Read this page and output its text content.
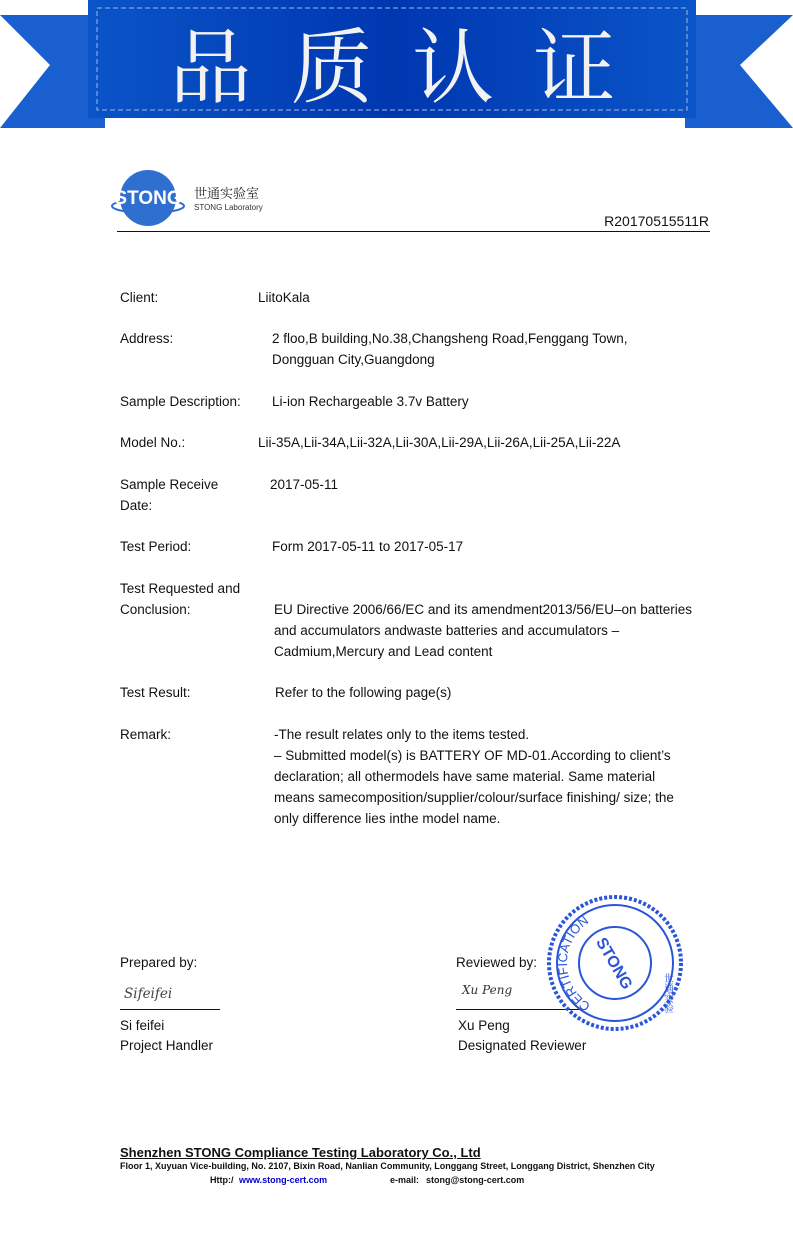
品 质 认 证
STONG 世通实验室
STONG Laboratory
R20170515511R
Client:	LiitoKala
Address:	2 floo,B building,No.38,Changsheng Road,Fenggang Town, Dongguan City,Guangdong
Sample Description:	Li-ion Rechargeable 3.7v Battery
Model No.:	Lii-35A,Lii-34A,Lii-32A,Lii-30A,Lii-29A,Lii-26A,Lii-25A,Lii-22A
Sample Receive Date:
2017-05-11
Test Period:	Form 2017-05-11 to 2017-05-17
Test Requested and Conclusion:	EU Directive 2006/66/EC and its amendment2013/56/EU–on batteries and accumulators andwaste batteries and accumulators – Cadmium,Mercury and Lead content
Test Result:	Refer to the following page(s)
Remark:	-The result relates only to the items tested.
– Submitted model(s) is BATTERY OF MD-01.According to client’s declaration; all othermodels have same material. Same material means samecomposition/supplier/colour/surface finishing/ size; the only difference lies inthe model name.
Prepared by:
Sifeifei
Si feifei
Project Handler
Reviewed by:
Xu Peng
Xu Peng
Designated Reviewer
CERTIFICATION
STONG
世通实验
Shenzhen STONG Compliance Testing Laboratory Co., Ltd
Floor 1, Xuyuan Vice-building, No. 2107, Bixin Road, Nanlian Community, Longgang Street, Longgang District, Shenzhen City
Http:/ www.stong-cert.com	e-mail: stong@stong-cert.com
